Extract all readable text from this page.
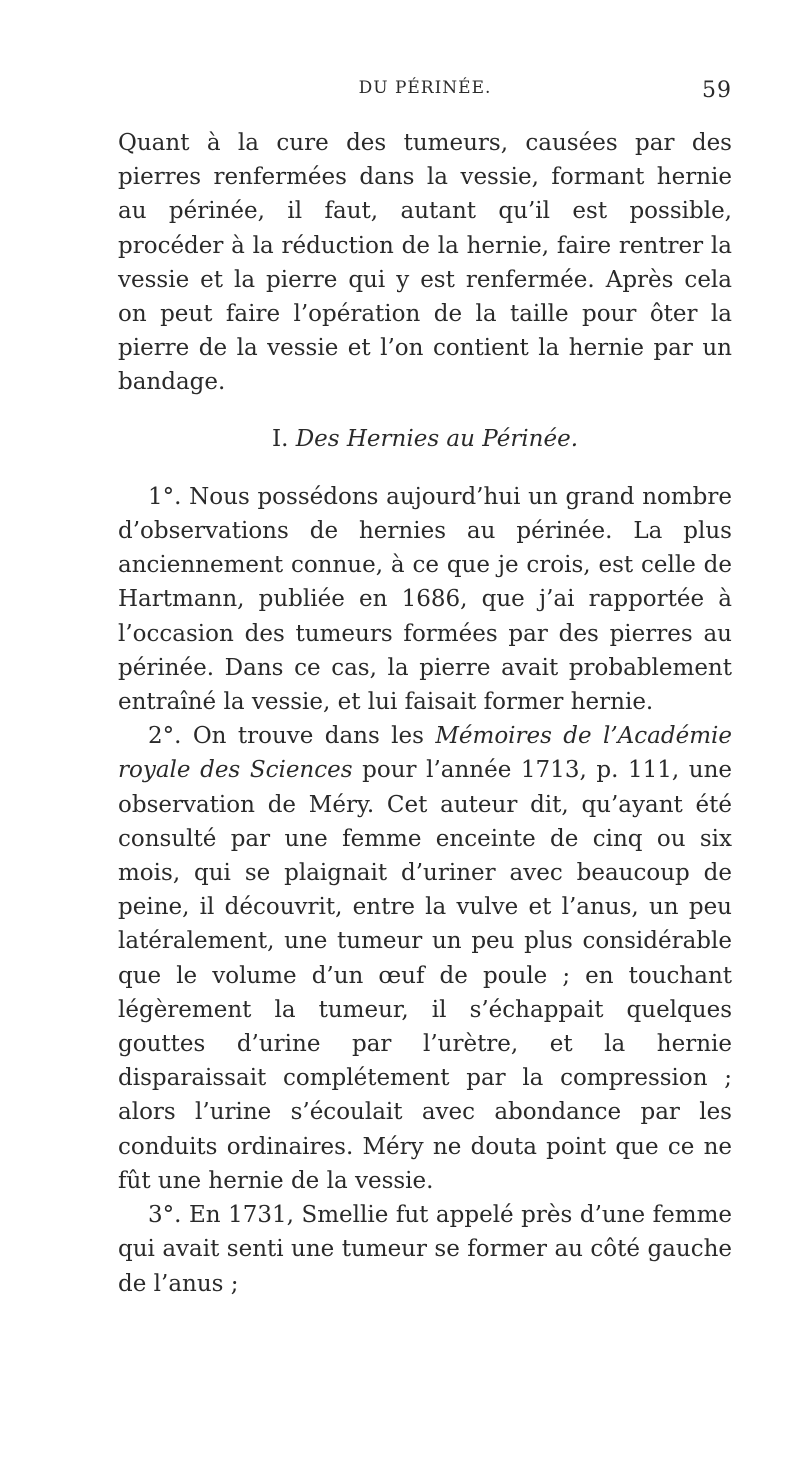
DU PÉRINÉE.	59

Quant à la cure des tumeurs, causées par des pierres renfermées dans la vessie, formant hernie au périnée, il faut, autant qu’il est possible, procéder à la réduction de la hernie, faire rentrer la vessie et la pierre qui y est renfermée. Après cela on peut faire l’opération de la taille pour ôter la pierre de la vessie et l’on contient la hernie par un bandage.

I. Des Hernies au Périnée.

1°. Nous possédons aujourd’hui un grand nombre d’observations de hernies au périnée. La plus anciennement connue, à ce que je crois, est celle de Hartmann, publiée en 1686, que j’ai rapportée à l’occasion des tumeurs formées par des pierres au périnée. Dans ce cas, la pierre avait probablement entraîné la vessie, et lui faisait former hernie.

2°. On trouve dans les Mémoires de l’Académie royale des Sciences pour l’année 1713, p. 111, une observation de Méry. Cet auteur dit, qu’ayant été consulté par une femme enceinte de cinq ou six mois, qui se plaignait d’uriner avec beaucoup de peine, il découvrit, entre la vulve et l’anus, un peu latéralement, une tumeur un peu plus considérable que le volume d’un œuf de poule ; en touchant légèrement la tumeur, il s’échappait quelques gouttes d’urine par l’urètre, et la hernie disparaissait complétement par la compression ; alors l’urine s’écoulait avec abondance par les conduits ordinaires. Méry ne douta point que ce ne fût une hernie de la vessie.

3°. En 1731, Smellie fut appelé près d’une femme qui avait senti une tumeur se former au côté gauche de l’anus ;
